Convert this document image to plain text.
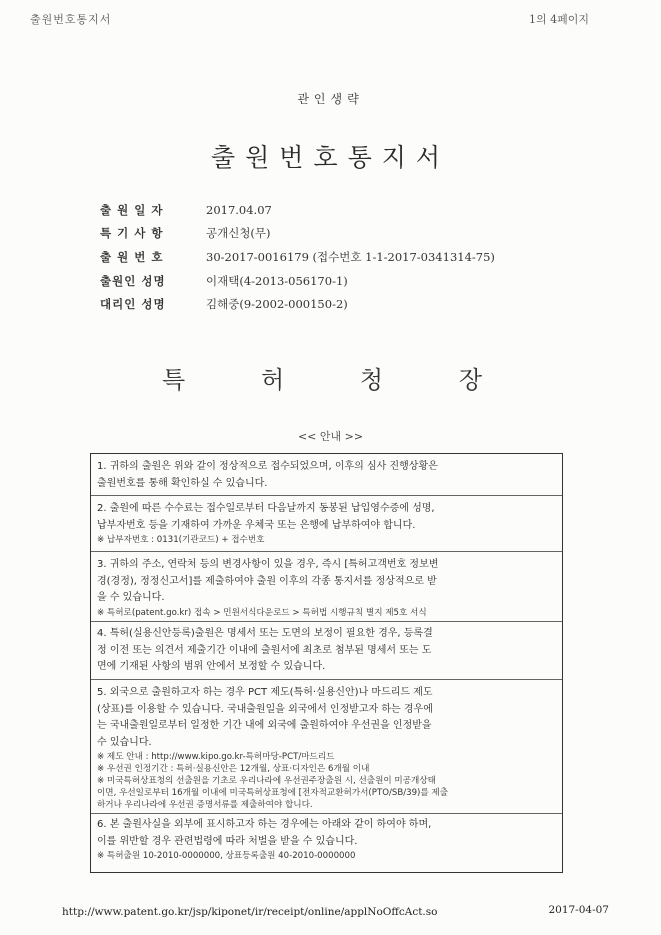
출원번호통지서	1의 4페이지
관인생략
출원번호통지서
출 원 일 자	2017.04.07
특 기 사 항	공개신청(무)
출 원 번 호	30-2017-0016179 (접수번호 1-1-2017-0341314-75)
출원인 성명	이재택(4-2013-056170-1)
대리인 성명	김해중(9-2002-000150-2)
특	허	청	장
<< 안내 >>
1. 귀하의 출원은 위와 같이 정상적으로 접수되었으며, 이후의 심사 진행상황은
출원번호를 통해 확인하실 수 있습니다.
2. 출원에 따른 수수료는 접수일로부터 다음날까지 동봉된 납입영수증에 성명,
납부자번호 등을 기재하여 가까운 우체국 또는 은행에 납부하여야 합니다.
※ 납부자번호 : 0131(기관코드) + 접수번호
3. 귀하의 주소, 연락처 등의 변경사항이 있을 경우, 즉시 [특허고객번호 정보변
경(경정), 정정신고서]를 제출하여야 출원 이후의 각종 통지서를 정상적으로 받
을 수 있습니다.
※ 특허로(patent.go.kr) 접속 > 민원서식다운로드 > 특허법 시행규칙 별지 제5호 서식
4. 특허(실용신안등록)출원은 명세서 또는 도면의 보정이 필요한 경우, 등록결
정 이전 또는 의견서 제출기간 이내에 출원서에 최초로 첨부된 명세서 또는 도
면에 기재된 사항의 범위 안에서 보정할 수 있습니다.
5. 외국으로 출원하고자 하는 경우 PCT 제도(특허·실용신안)나 마드리드 제도
(상표)를 이용할 수 있습니다. 국내출원일을 외국에서 인정받고자 하는 경우에
는 국내출원일로부터 일정한 기간 내에 외국에 출원하여야 우선권을 인정받을
수 있습니다.
※ 제도 안내 : http://www.kipo.go.kr-특허마당-PCT/마드리드
※ 우선권 인정기간 : 특허·실용신안은 12개월, 상표·디자인은 6개월 이내
※ 미국특허상표청의 선출원을 기초로 우리나라에 우선권주장출원 시, 선출원이 미공개상태
이면, 우선일로부터 16개월 이내에 미국특허상표청에 [전자적교환허가서(PTO/SB/39)를 제출
하거나 우리나라에 우선권 증명서류를 제출하여야 합니다.
6. 본 출원사실을 외부에 표시하고자 하는 경우에는 아래와 같이 하여야 하며,
이를 위반할 경우 관련법령에 따라 처벌을 받을 수 있습니다.
※ 특허출원 10-2010-0000000, 상표등록출원 40-2010-0000000
http://www.patent.go.kr/jsp/kiponet/ir/receipt/online/applNoOffcAct.so	2017-04-07
